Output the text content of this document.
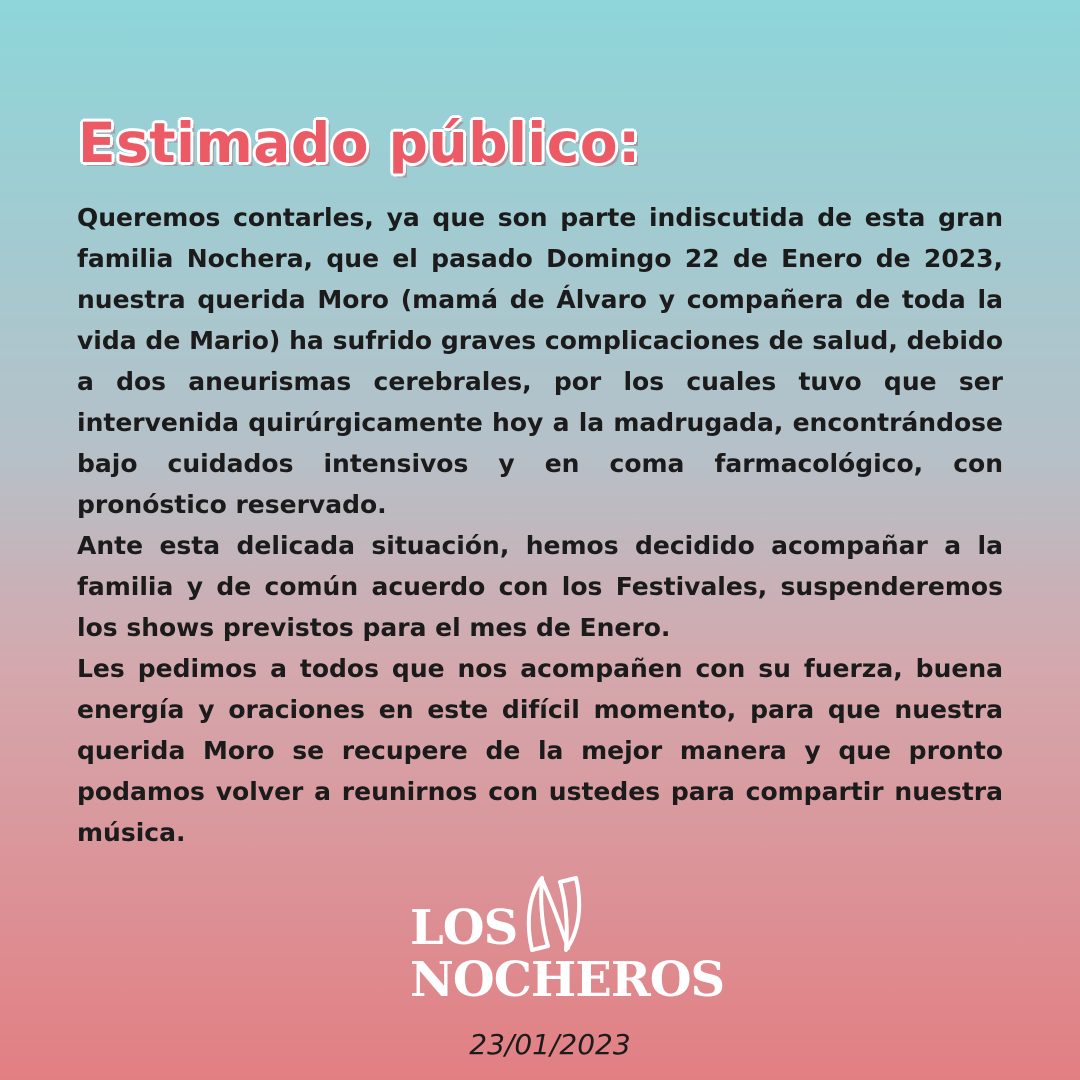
Estimado público:

Queremos contarles, ya que son parte indiscutida de esta gran familia Nochera, que el pasado Domingo 22 de Enero de 2023, nuestra querida Moro (mamá de Álvaro y compañera de toda la vida de Mario) ha sufrido graves complicaciones de salud, debido a dos aneurismas cerebrales, por los cuales tuvo que ser intervenida quirúrgicamente hoy a la madrugada, encontrándose bajo cuidados intensivos y en coma farmacológico, con pronóstico reservado.

Ante esta delicada situación, hemos decidido acompañar a la familia y de común acuerdo con los Festivales, suspenderemos los shows previstos para el mes de Enero.

Les pedimos a todos que nos acompañen con su fuerza, buena energía y oraciones en este difícil momento, para que nuestra querida Moro se recupere de la mejor manera y que pronto podamos volver a reunirnos con ustedes para compartir nuestra música.

LOS
NOCHEROS

23/01/2023
